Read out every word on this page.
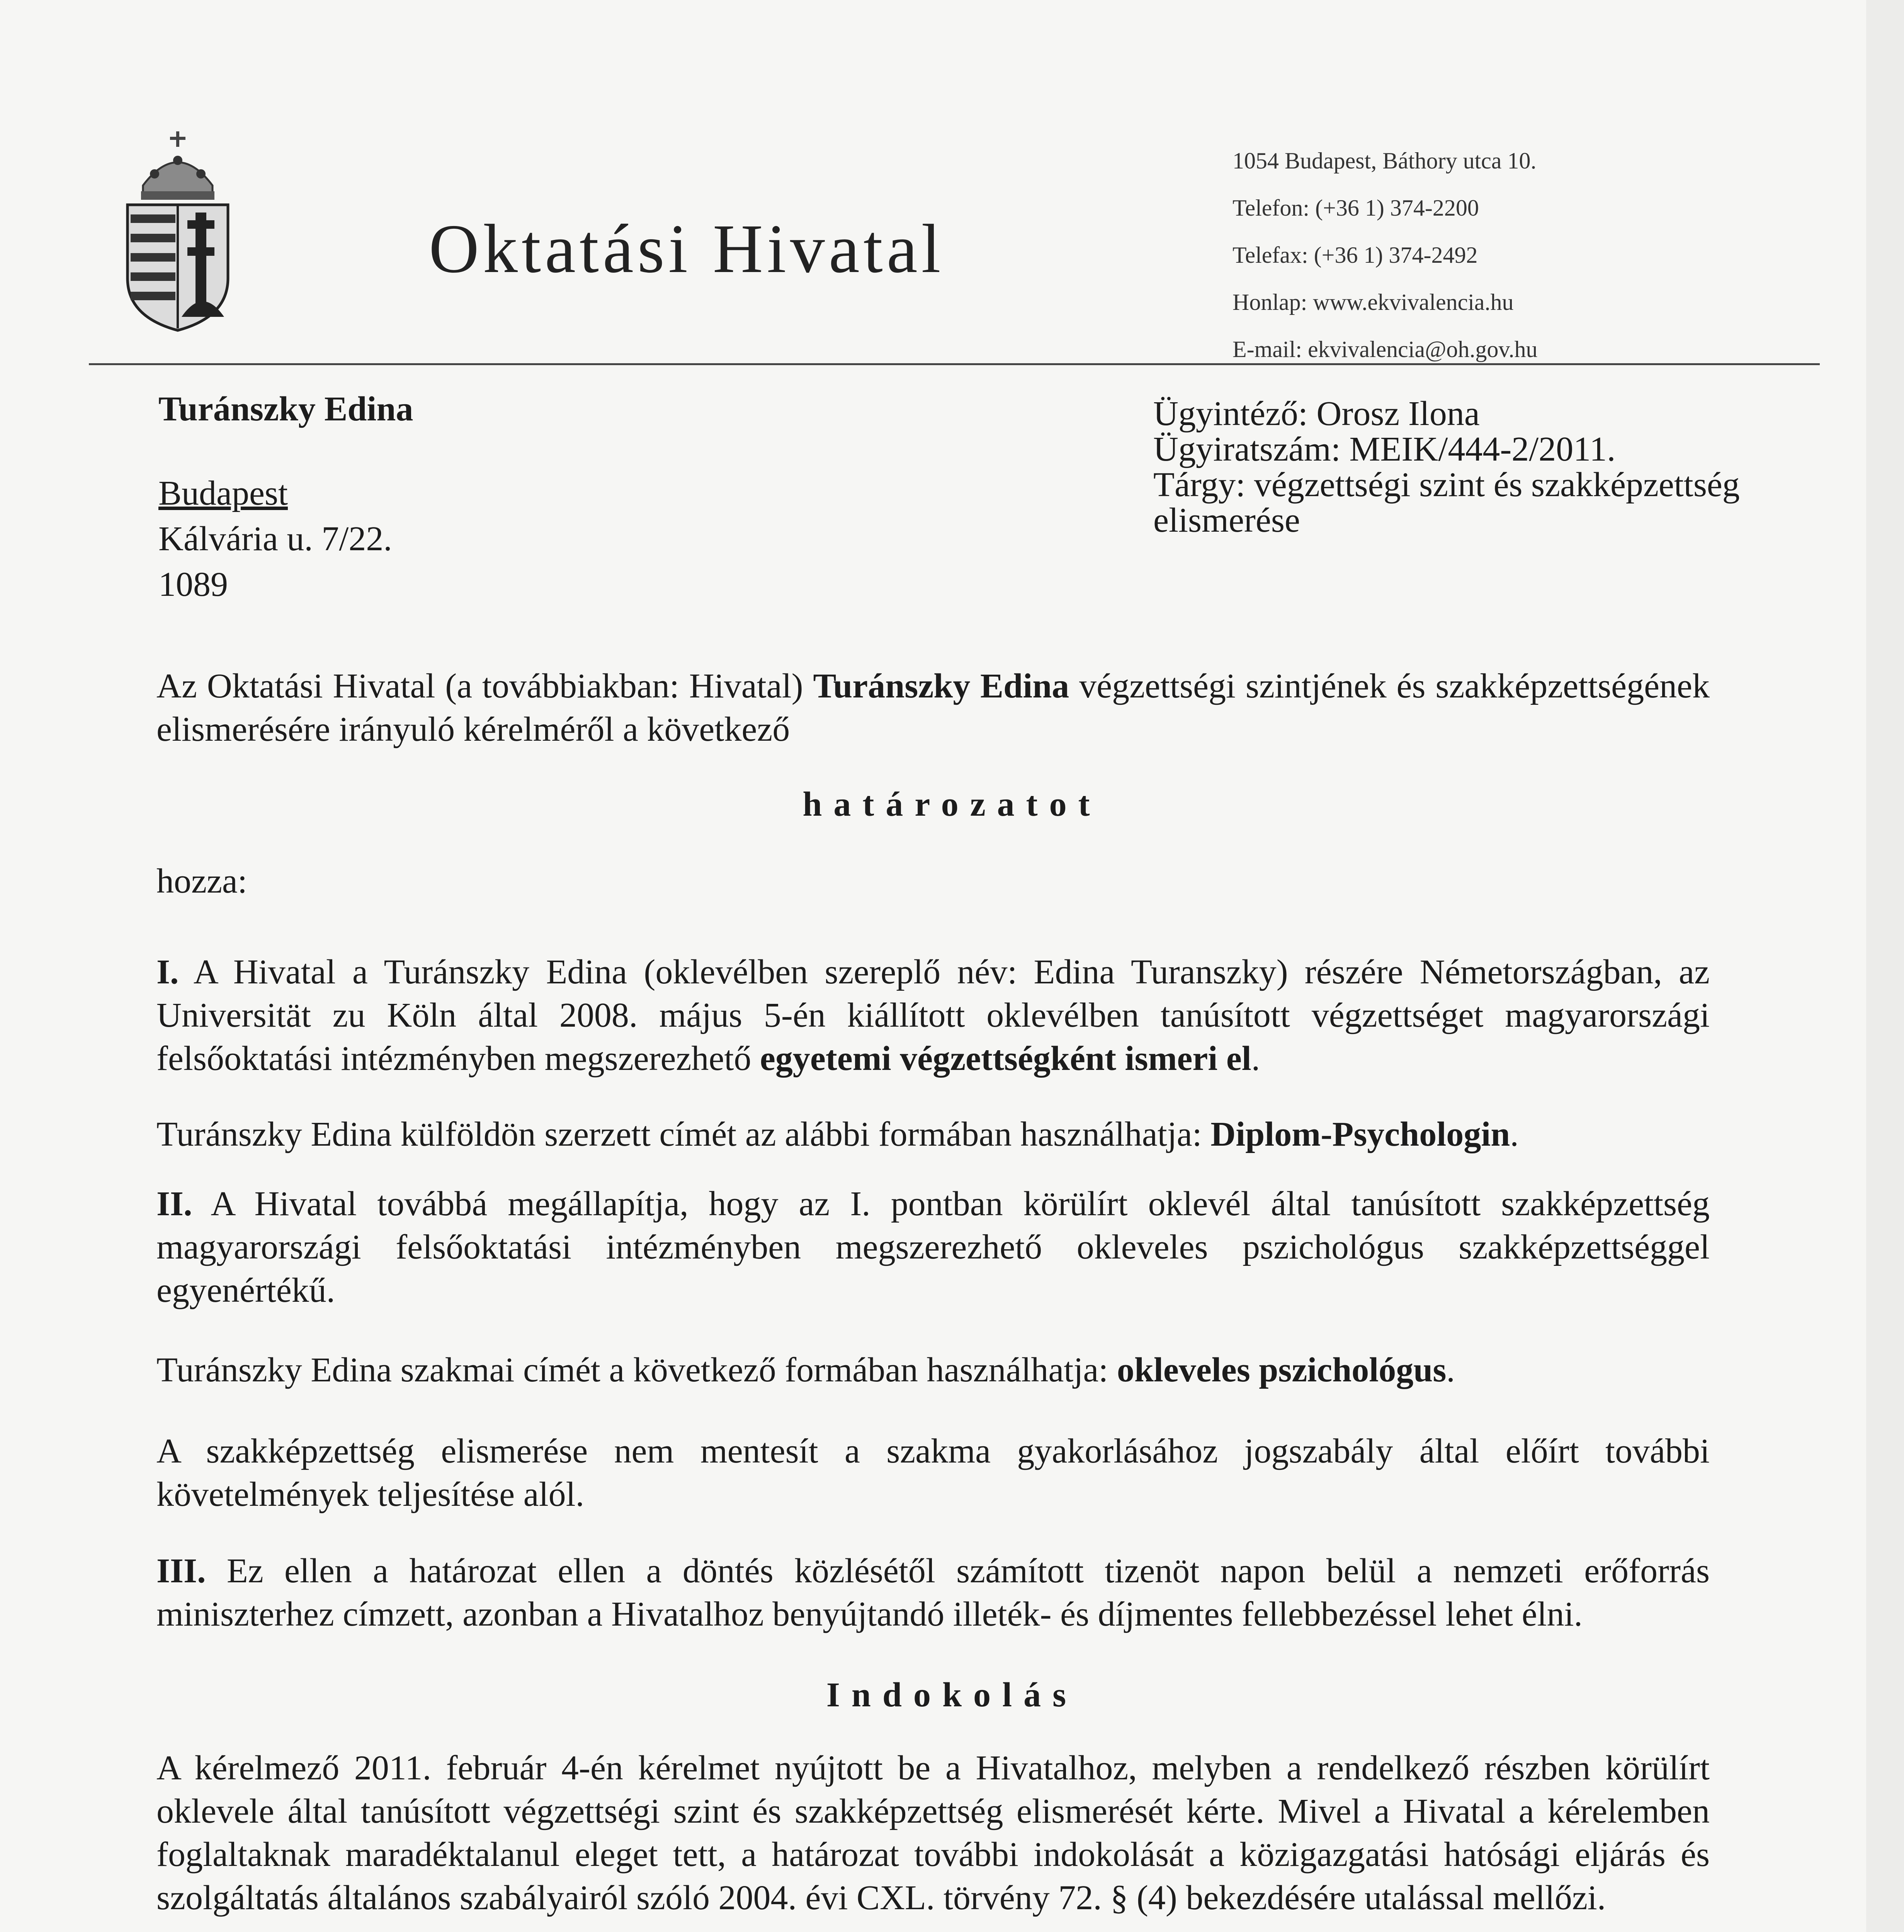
Oktatási Hivatal
1054 Budapest, Báthory utca 10.
Telefon: (+36 1) 374-2200
Telefax: (+36 1) 374-2492
Honlap: www.ekvivalencia.hu
E-mail: ekvivalencia@oh.gov.hu
Turánszky Edina
Budapest
Kálvária u. 7/22.
1089
Ügyintéző: Orosz Ilona
Ügyiratszám: MEIK/444-2/2011.
Tárgy: végzettségi szint és szakképzettség elismerése
Az Oktatási Hivatal (a továbbiakban: Hivatal) Turánszky Edina végzettségi szintjének és szakképzettségének elismerésére irányuló kérelméről a következő
határozatot
hozza:
I. A Hivatal a Turánszky Edina (oklevélben szereplő név: Edina Turanszky) részére Németországban, az Universität zu Köln által 2008. május 5-én kiállított oklevélben tanúsított végzettséget magyarországi felsőoktatási intézményben megszerezhető egyetemi végzettségként ismeri el.
Turánszky Edina külföldön szerzett címét az alábbi formában használhatja: Diplom-Psychologin.
II. A Hivatal továbbá megállapítja, hogy az I. pontban körülírt oklevél által tanúsított szakképzettség magyarországi felsőoktatási intézményben megszerezhető okleveles pszichológus szakképzettséggel egyenértékű.
Turánszky Edina szakmai címét a következő formában használhatja: okleveles pszichológus.
A szakképzettség elismerése nem mentesít a szakma gyakorlásához jogszabály által előírt további követelmények teljesítése alól.
III. Ez ellen a határozat ellen a döntés közlésétől számított tizenöt napon belül a nemzeti erőforrás miniszterhez címzett, azonban a Hivatalhoz benyújtandó illeték- és díjmentes fellebbezéssel lehet élni.
Indokolás
A kérelmező 2011. február 4-én kérelmet nyújtott be a Hivatalhoz, melyben a rendelkező részben körülírt oklevele által tanúsított végzettségi szint és szakképzettség elismerését kérte. Mivel a Hivatal a kérelemben foglaltaknak maradéktalanul eleget tett, a határozat további indokolását a közigazgatási hatósági eljárás és szolgáltatás általános szabályairól szóló 2004. évi CXL. törvény 72. § (4) bekezdésére utalással mellőzi.
